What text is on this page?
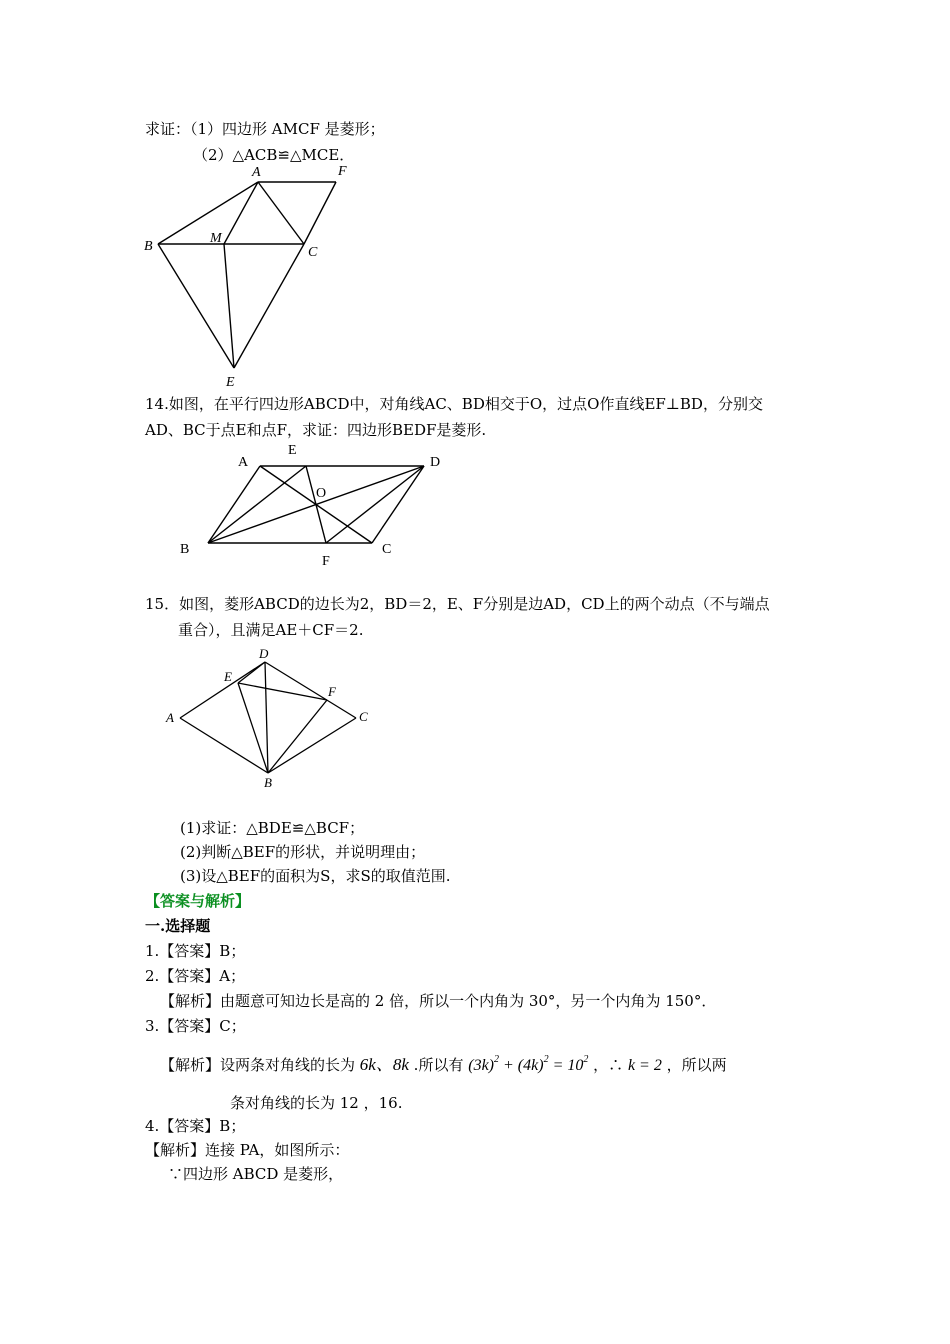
求证：（1）四边形 AMCF 是菱形；
（2）△ACB≌△MCE．
A	F
B
M
C
E
14.如图，在平行四边形ABCD中，对角线AC、BD相交于O，过点O作直线EF⊥BD，分别交
AD、BC于点E和点F，求证：四边形BEDF是菱形.
A
E
D
O
B
F
C
15．如图，菱形ABCD的边长为2，BD＝2，E、F分别是边AD，CD上的两个动点（不与端点
重合），且满足AE＋CF＝2.
D
E
F
A	C
B
(1)求证：△BDE≌△BCF；
(2)判断△BEF的形状，并说明理由；
(3)设△BEF的面积为S，求S的取值范围.
【答案与解析】
一.选择题
1.【答案】B；
2.【答案】A；
【解析】由题意可知边长是高的 2 倍，所以一个内角为 30°，另一个内角为 150°．
3.【答案】C；
【解析】设两条对角线的长为 6k、8k .所以有 $(3k)^2 + (4k)^2 = 10^2$ ，∴ k = 2 ，所以两
条对角线的长为 12 ，16.
4.【答案】B；
【解析】连接 PA，如图所示：
∵四边形 ABCD 是菱形，
